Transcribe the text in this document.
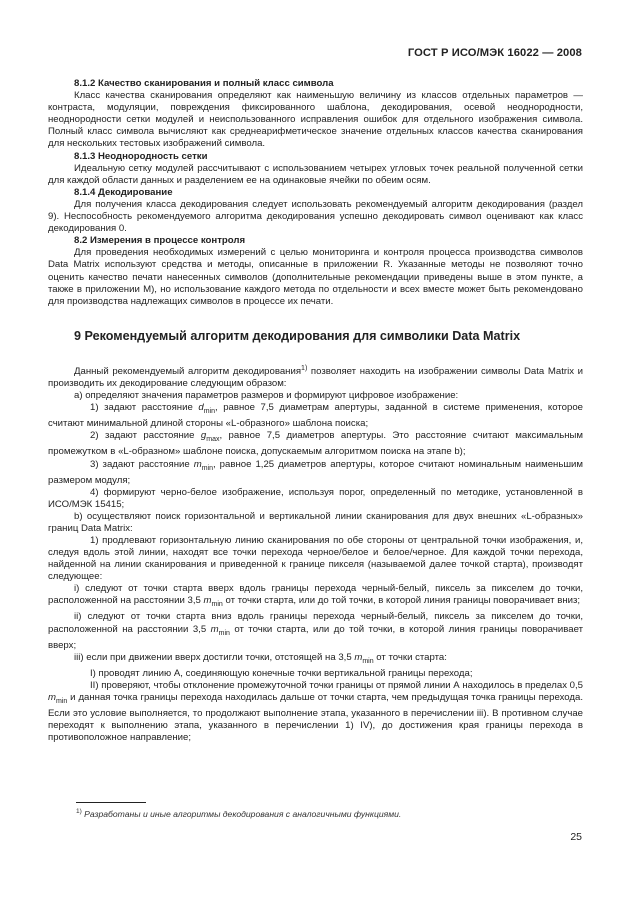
ГОСТ Р ИСО/МЭК 16022 — 2008

8.1.2 Качество сканирования и полный класс символа

Класс качества сканирования определяют как наименьшую величину из классов отдельных параметров — контраста, модуляции, повреждения фиксированного шаблона, декодирования, осевой неоднородности, неоднородности сетки модулей и неиспользованного исправления ошибок для отдельного изображения символа. Полный класс символа вычисляют как среднеарифметическое значение отдельных классов качества сканирования для нескольких тестовых изображений символа.

8.1.3 Неоднородность сетки

Идеальную сетку модулей рассчитывают с использованием четырех угловых точек реальной полученной сетки для каждой области данных и разделением ее на одинаковые ячейки по обеим осям.

8.1.4 Декодирование

Для получения класса декодирования следует использовать рекомендуемый алгоритм декодирования (раздел 9). Неспособность рекомендуемого алгоритма декодирования успешно декодировать символ оценивают как класс декодирования 0.

8.2 Измерения в процессе контроля

Для проведения необходимых измерений с целью мониторинга и контроля процесса производства символов Data Matrix используют средства и методы, описанные в приложении R. Указанные методы не позволяют точно оценить качество печати нанесенных символов (дополнительные рекомендации приведены выше в этом пункте, а также в приложении M), но использование каждого метода по отдельности и всех вместе может быть рекомендовано для производства надлежащих символов в процессе их печати.

9 Рекомендуемый алгоритм декодирования для символики Data Matrix

Данный рекомендуемый алгоритм декодирования$^{1)}$ позволяет находить на изображении символы Data Matrix и производить их декодирование следующим образом:

a) определяют значения параметров размеров и формируют цифровое изображение:

1) задают расстояние $d_{min}$, равное 7,5 диаметрам апертуры, заданной в системе применения, которое считают минимальной длиной стороны «L-образного» шаблона поиска;

2) задают расстояние $g_{max}$, равное 7,5 диаметров апертуры. Это расстояние считают максимальным промежутком в «L-образном» шаблоне поиска, допускаемым алгоритмом поиска на этапе b);

3) задают расстояние $m_{min}$, равное 1,25 диаметров апертуры, которое считают номинальным наименьшим размером модуля;

4) формируют черно-белое изображение, используя порог, определенный по методике, установленной в ИСО/МЭК 15415;

b) осуществляют поиск горизонтальной и вертикальной линии сканирования для двух внешних «L-образных» границ Data Matrix:

1) продлевают горизонтальную линию сканирования по обе стороны от центральной точки изображения, и, следуя вдоль этой линии, находят все точки перехода черное/белое и белое/черное. Для каждой точки перехода, найденной на линии сканирования и приведенной к границе пикселя (называемой далее точкой старта), производят следующее:

i) следуют от точки старта вверх вдоль границы перехода черный-белый, пиксель за пикселем до точки, расположенной на расстоянии 3,5 $m_{min}$ от точки старта, или до той точки, в которой линия границы поворачивает вниз;

ii) следуют от точки старта вниз вдоль границы перехода черный-белый, пиксель за пикселем до точки, расположенной на расстоянии 3,5 $m_{min}$ от точки старта, или до той точки, в которой линия границы поворачивает вверх;

iii) если при движении вверх достигли точки, отстоящей на 3,5 $m_{min}$ от точки старта:

I) проводят линию А, соединяющую конечные точки вертикальной границы перехода;

II) проверяют, чтобы отклонение промежуточной точки границы от прямой линии А находилось в пределах 0,5 $m_{min}$ и данная точка границы перехода находилась дальше от точки старта, чем предыдущая точка границы перехода. Если это условие выполняется, то продолжают выполнение этапа, указанного в перечислении iii). В противном случае переходят к выполнению этапа, указанного в перечислении 1) IV), до достижения края границы перехода в противоположное направление;

$^{1)}$ Разработаны и иные алгоритмы декодирования с аналогичными функциями.
25
